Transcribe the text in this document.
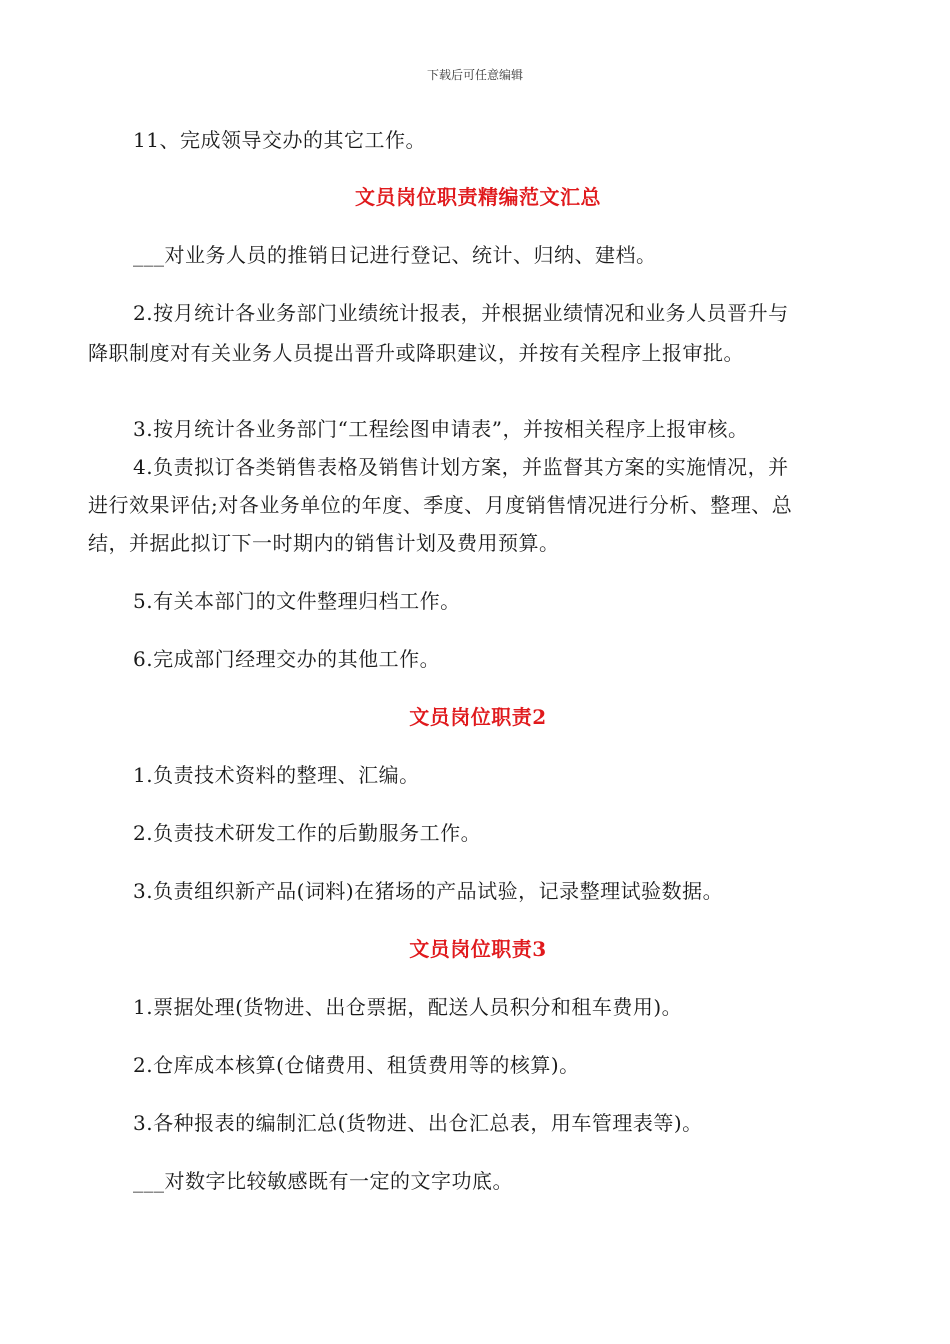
下载后可任意编辑

11、完成领导交办的其它工作。

文员岗位职责精编范文汇总

___对业务人员的推销日记进行登记、统计、归纳、建档。

2.按月统计各业务部门业绩统计报表，并根据业绩情况和业务人员晋升与
降职制度对有关业务人员提出晋升或降职建议，并按有关程序上报审批。

3.按月统计各业务部门“工程绘图申请表”，并按相关程序上报审核。

4.负责拟订各类销售表格及销售计划方案，并监督其方案的实施情况，并
进行效果评估;对各业务单位的年度、季度、月度销售情况进行分析、整理、总
结，并据此拟订下一时期内的销售计划及费用预算。

5.有关本部门的文件整理归档工作。

6.完成部门经理交办的其他工作。

文员岗位职责2

1.负责技术资料的整理、汇编。

2.负责技术研发工作的后勤服务工作。

3.负责组织新产品(词料)在猪场的产品试验，记录整理试验数据。

文员岗位职责3

1.票据处理(货物进、出仓票据，配送人员积分和租车费用)。

2.仓库成本核算(仓储费用、租赁费用等的核算)。

3.各种报表的编制汇总(货物进、出仓汇总表，用车管理表等)。

___对数字比较敏感既有一定的文字功底。
